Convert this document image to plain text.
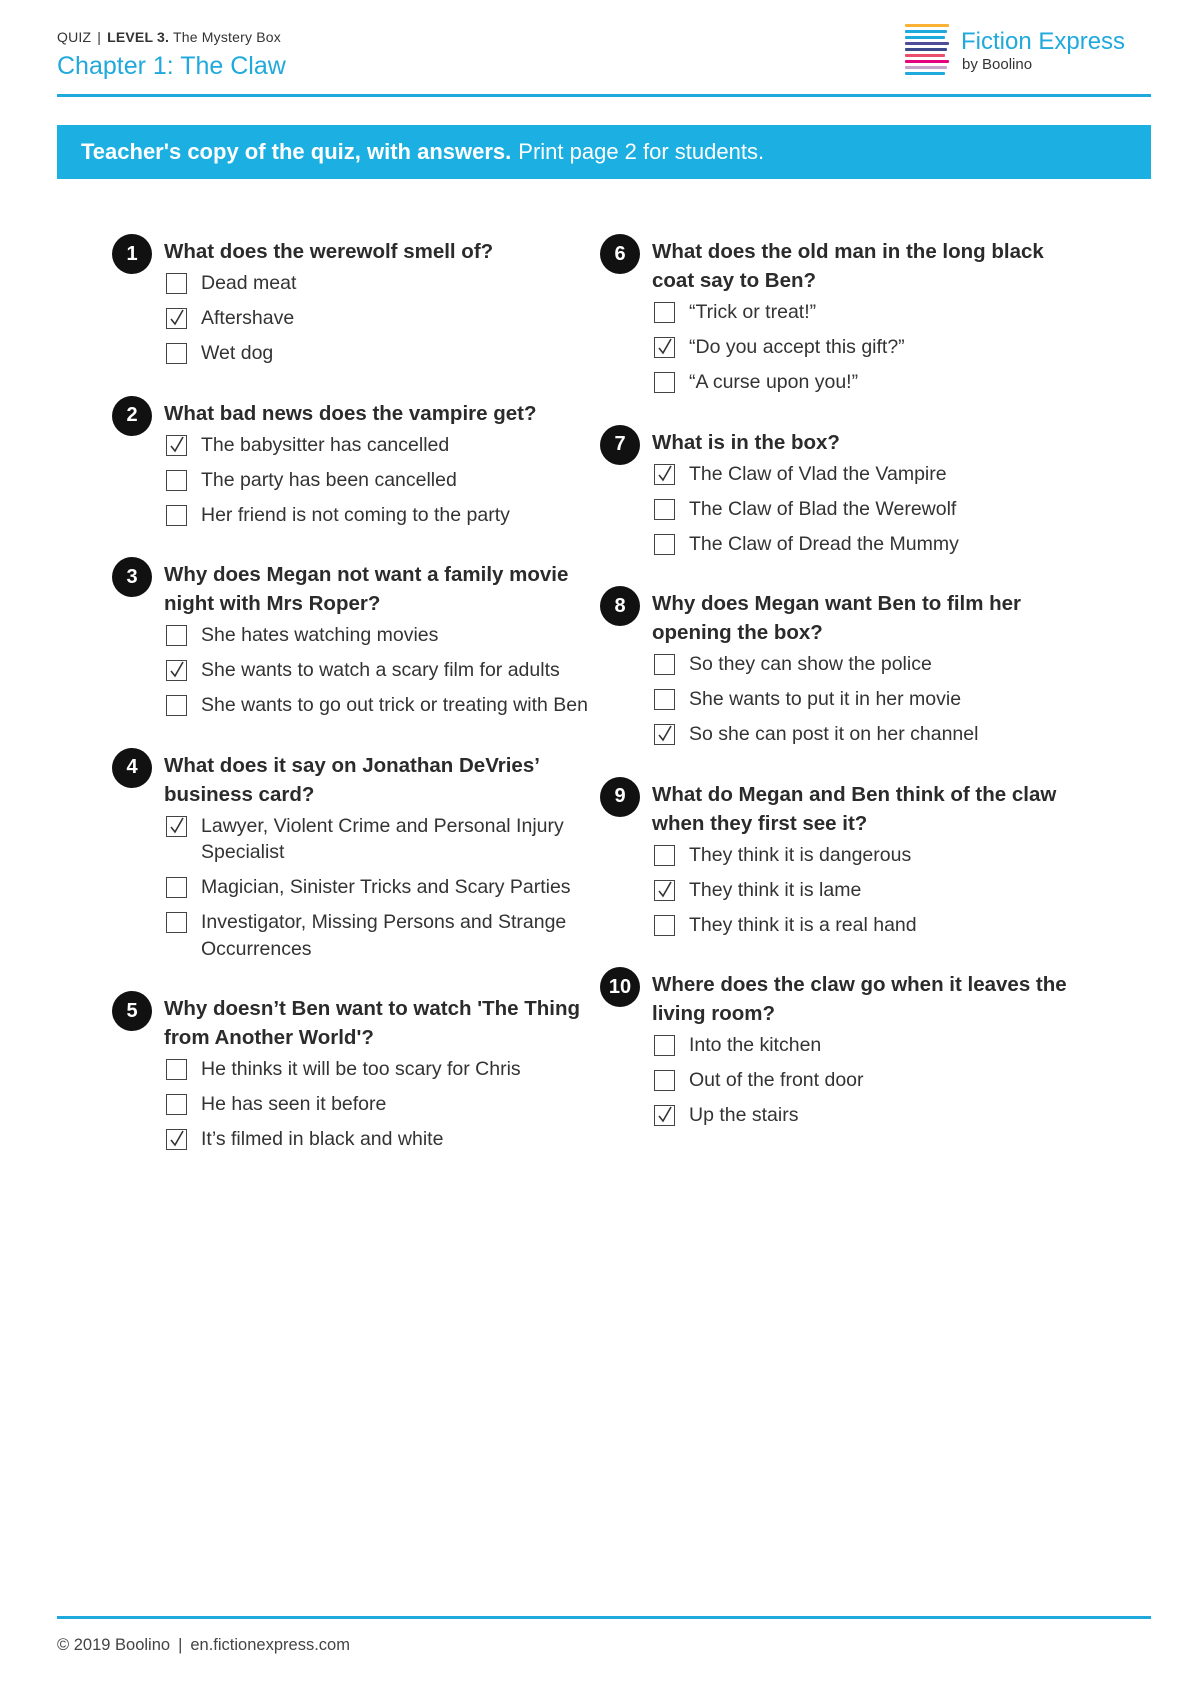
QUIZ | LEVEL 3. The Mystery Box
Chapter 1: The Claw
Fiction Express
by Boolino
Teacher's copy of the quiz, with answers. Print page 2 for students.
1	What does the werewolf smell of?
Dead meat
Aftershave
Wet dog
2	What bad news does the vampire get?
The babysitter has cancelled
The party has been cancelled
Her friend is not coming to the party
3	Why does Megan not want a family movie night with Mrs Roper?
She hates watching movies
She wants to watch a scary film for adults
She wants to go out trick or treating with Ben
4	What does it say on Jonathan DeVries’ business card?
Lawyer, Violent Crime and Personal Injury Specialist
Magician, Sinister Tricks and Scary Parties
Investigator, Missing Persons and Strange Occurrences
5	Why doesn’t Ben want to watch 'The Thing from Another World'?
He thinks it will be too scary for Chris
He has seen it before
It’s filmed in black and white
6	What does the old man in the long black coat say to Ben?
“Trick or treat!”
“Do you accept this gift?”
“A curse upon you!”
7	What is in the box?
The Claw of Vlad the Vampire
The Claw of Blad the Werewolf
The Claw of Dread the Mummy
8	Why does Megan want Ben to film her opening the box?
So they can show the police
She wants to put it in her movie
So she can post it on her channel
9	What do Megan and Ben think of the claw when they first see it?
They think it is dangerous
They think it is lame
They think it is a real hand
10	Where does the claw go when it leaves the living room?
Into the kitchen
Out of the front door
Up the stairs
© 2019 Boolino | en.fictionexpress.com
